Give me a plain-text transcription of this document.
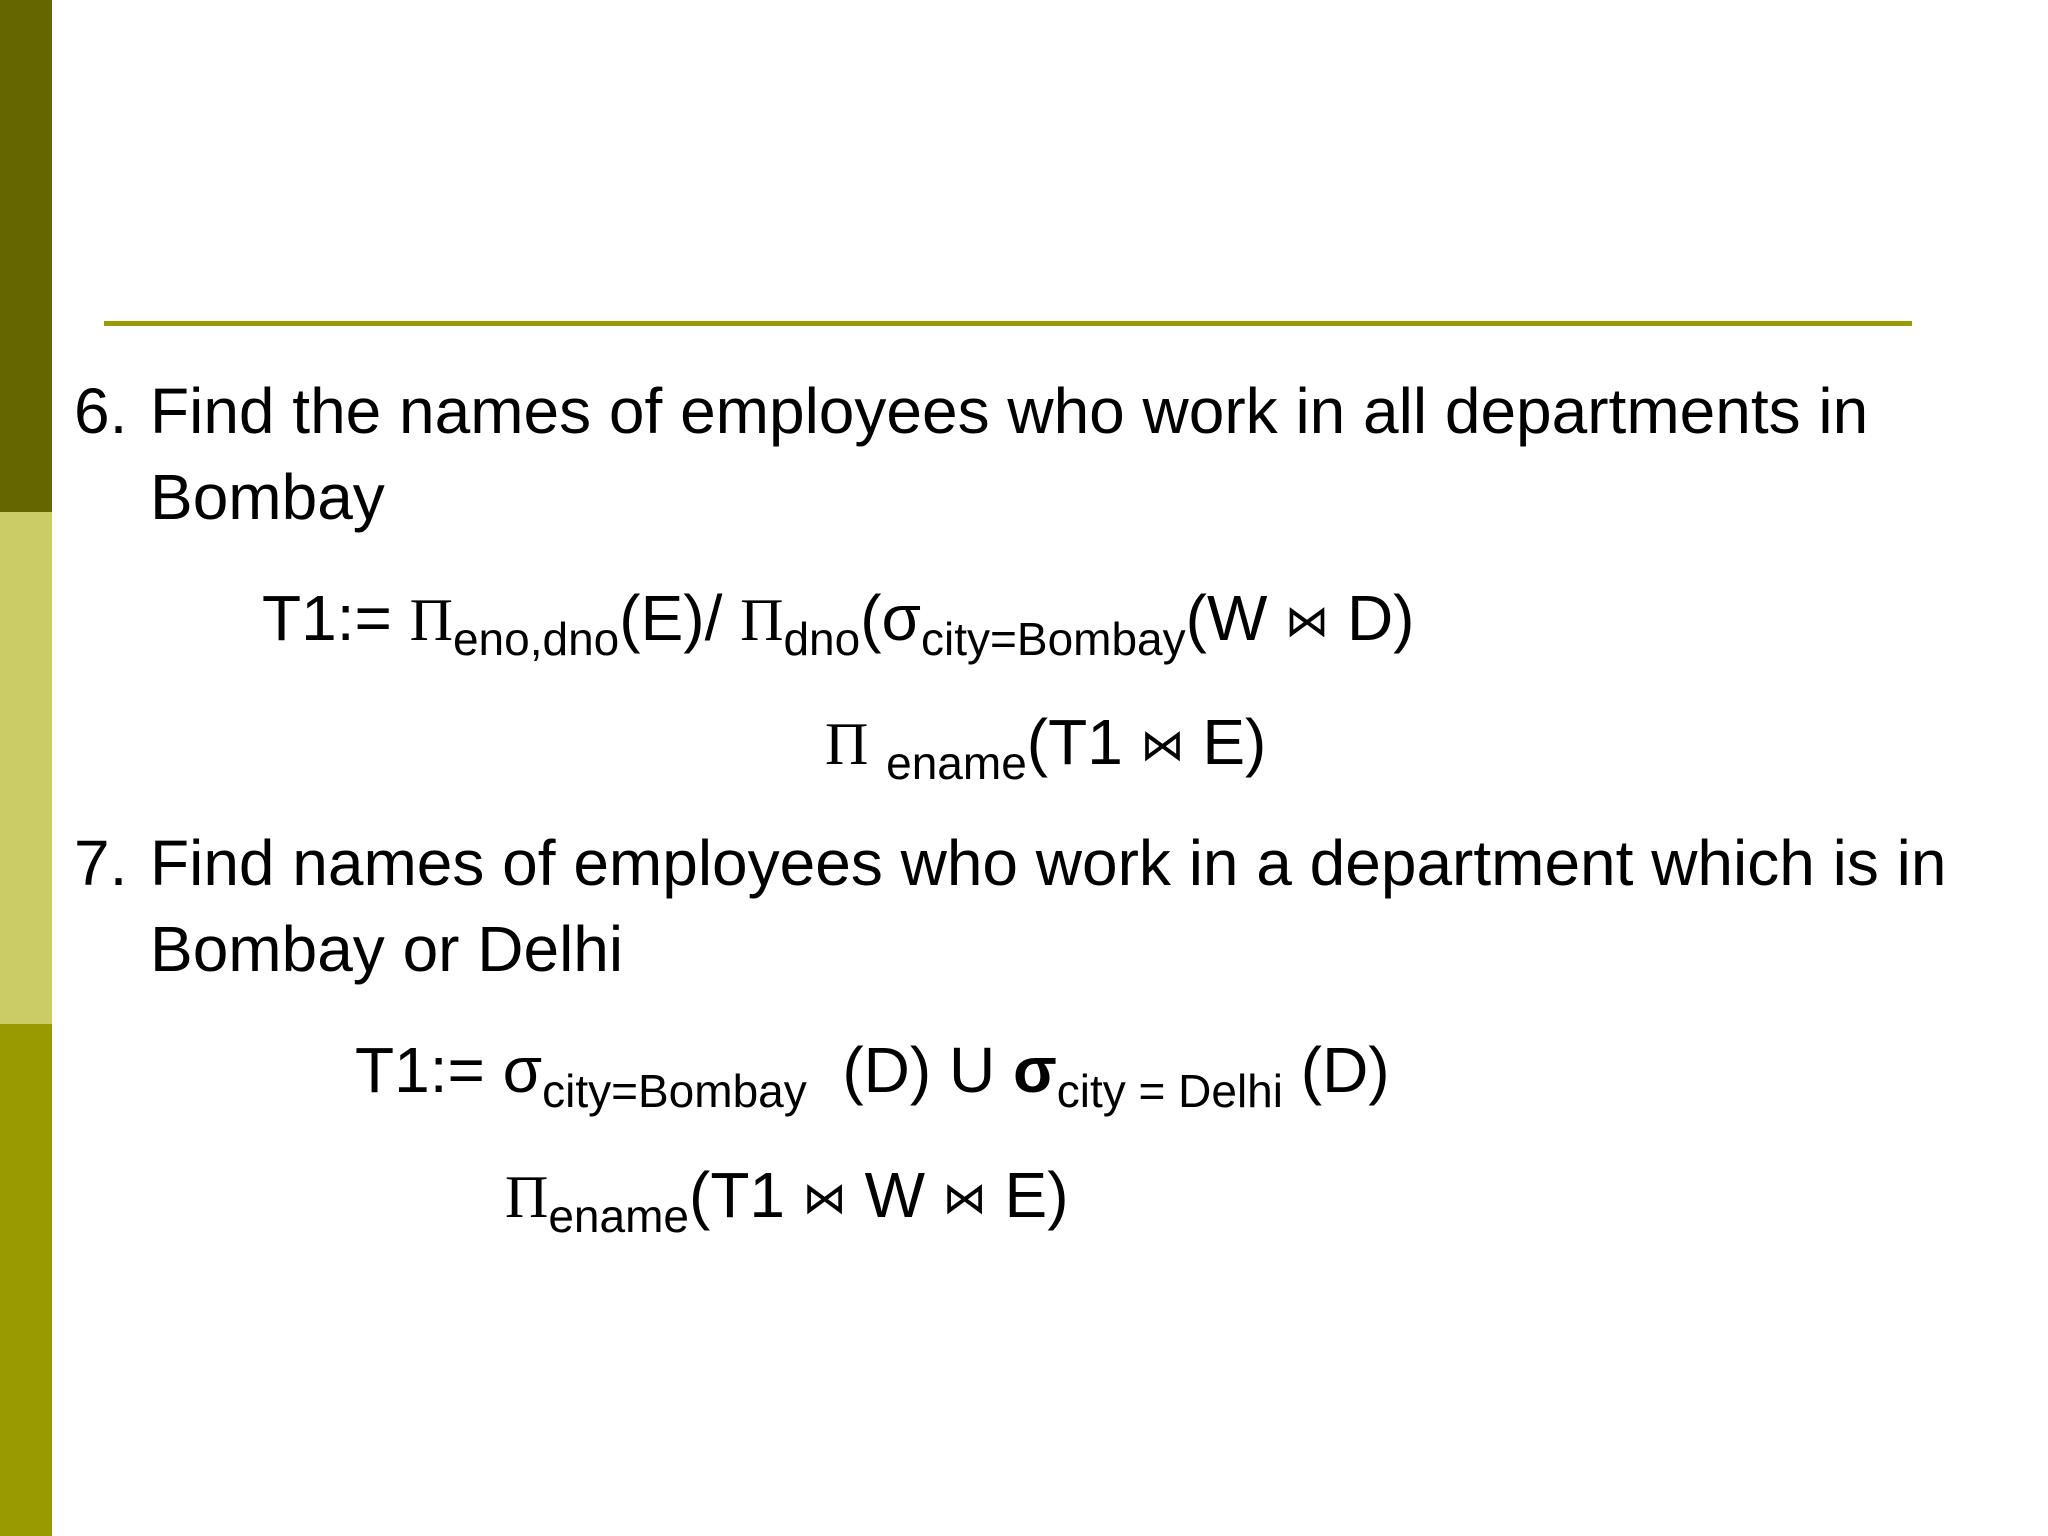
6. Find the names of employees who work in all departments in Bombay
T1:= $\Pi_{eno,dno}(E)/$ $\Pi_{dno}(\sigma_{city=Bombay}(W$ ⋈ D)
Π $_{ename}$(T1 ⋈ E)
7. Find names of employees who work in a department which is in Bombay or Delhi
T1:= $\sigma_{city=Bombay}$ (D) U $\sigma_{city = Delhi}$ (D)
$\Pi_{ename}(T1$ ⋈ W ⋈ E)
